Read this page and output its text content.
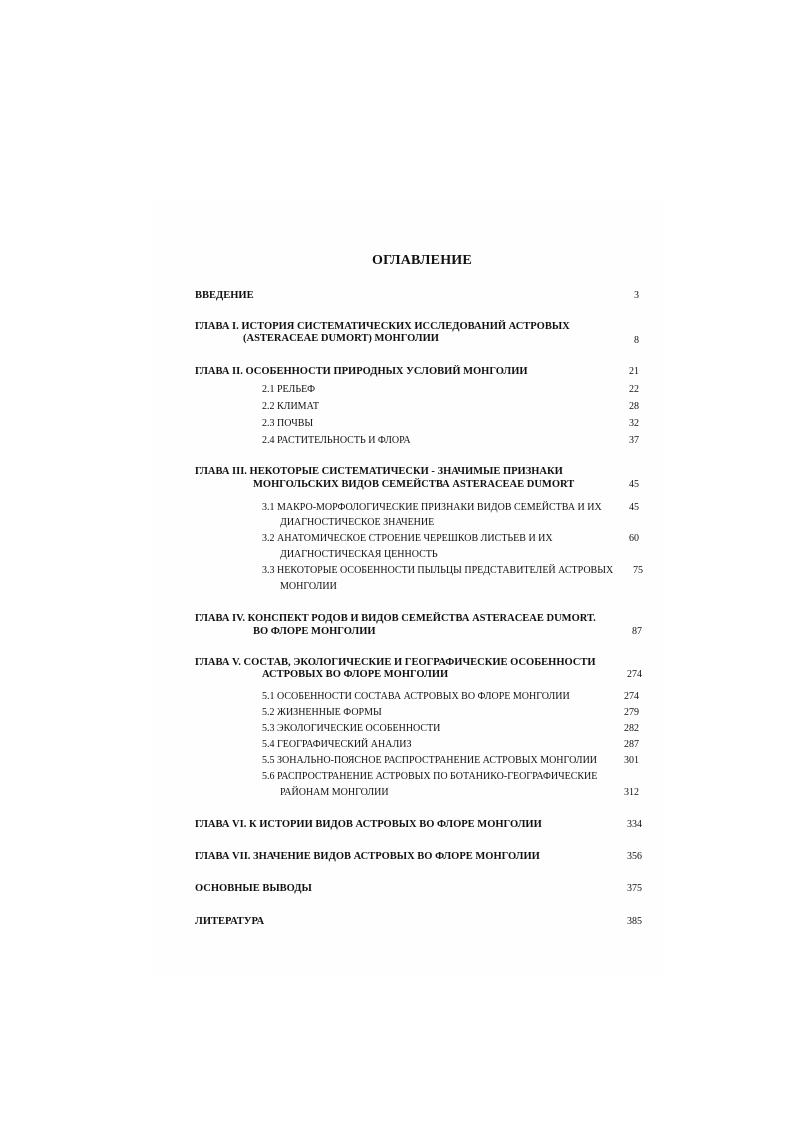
ОГЛАВЛЕНИЕ
ВВЕДЕНИЕ	3
ГЛАВА I. ИСТОРИЯ СИСТЕМАТИЧЕСКИХ ИССЛЕДОВАНИЙ АСТРОВЫХ
(ASTERACEAE DUMORT) МОНГОЛИИ	8
ГЛАВА II. ОСОБЕННОСТИ ПРИРОДНЫХ УСЛОВИЙ МОНГОЛИИ	21
2.1 РЕЛЬЕФ	22
2.2 КЛИМАТ	28
2.3 ПОЧВЫ	32
2.4 РАСТИТЕЛЬНОСТЬ И ФЛОРА	37
ГЛАВА III. НЕКОТОРЫЕ СИСТЕМАТИЧЕСКИ - ЗНАЧИМЫЕ ПРИЗНАКИ
МОНГОЛЬСКИХ ВИДОВ СЕМЕЙСТВА ASTERACEAE DUMORT	45
3.1 МАКРО-МОРФОЛОГИЧЕСКИЕ ПРИЗНАКИ ВИДОВ СЕМЕЙСТВА И ИХ	45
ДИАГНОСТИЧЕСКОЕ ЗНАЧЕНИЕ
3.2 АНАТОМИЧЕСКОЕ СТРОЕНИЕ ЧЕРЕШКОВ ЛИСТЬЕВ И ИХ	60
ДИАГНОСТИЧЕСКАЯ ЦЕННОСТЬ
3.3 НЕКОТОРЫЕ ОСОБЕННОСТИ ПЫЛЬЦЫ ПРЕДСТАВИТЕЛЕЙ АСТРОВЫХ	75
МОНГОЛИИ
ГЛАВА IV. КОНСПЕКТ РОДОВ И ВИДОВ СЕМЕЙСТВА ASTERACEAE DUMORT.
ВО ФЛОРЕ МОНГОЛИИ	87
ГЛАВА V. СОСТАВ, ЭКОЛОГИЧЕСКИЕ И ГЕОГРАФИЧЕСКИЕ ОСОБЕННОСТИ
АСТРОВЫХ ВО ФЛОРЕ МОНГОЛИИ	274
5.1 ОСОБЕННОСТИ СОСТАВА АСТРОВЫХ ВО ФЛОРЕ МОНГОЛИИ	274
5.2 ЖИЗНЕННЫЕ ФОРМЫ	279
5.3 ЭКОЛОГИЧЕСКИЕ ОСОБЕННОСТИ	282
5.4 ГЕОГРАФИЧЕСКИЙ АНАЛИЗ	287
5.5 ЗОНАЛЬНО-ПОЯСНОЕ РАСПРОСТРАНЕНИЕ АСТРОВЫХ МОНГОЛИИ	301
5.6 РАСПРОСТРАНЕНИЕ АСТРОВЫХ ПО БОТАНИКО-ГЕОГРАФИЧЕСКИЕ
РАЙОНАМ МОНГОЛИИ	312
ГЛАВА VI. К ИСТОРИИ ВИДОВ АСТРОВЫХ ВО ФЛОРЕ МОНГОЛИИ	334
ГЛАВА VII. ЗНАЧЕНИЕ ВИДОВ АСТРОВЫХ ВО ФЛОРЕ МОНГОЛИИ	356
ОСНОВНЫЕ ВЫВОДЫ	375
ЛИТЕРАТУРА	385
